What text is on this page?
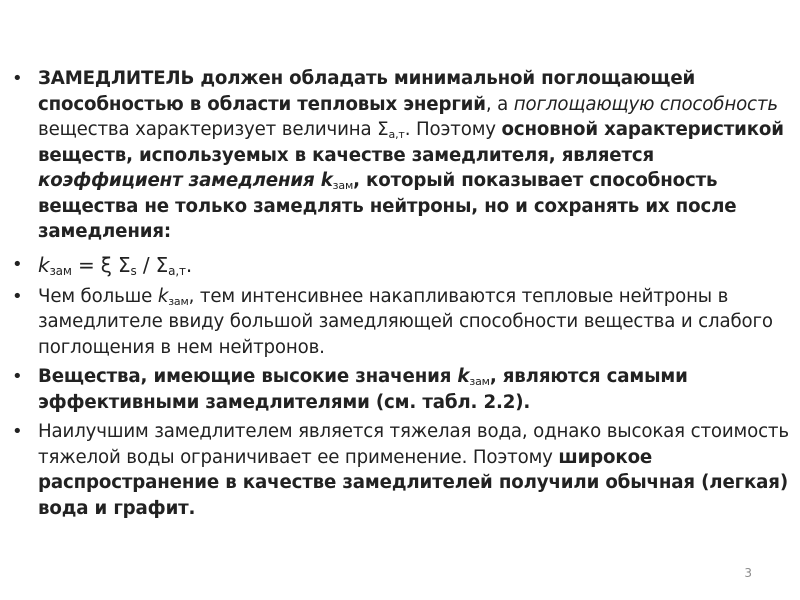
• ЗАМЕДЛИТЕЛЬ должен обладать минимальной поглощающей способностью в области тепловых энергий, а поглощающую способность вещества характеризует величина $\Sigma_{а,т}$. Поэтому основной характеристикой веществ, используемых в качестве замедлителя, является коэффициент замедления $k_{зам}$, который показывает способность вещества не только замедлять нейтроны, но и сохранять их после замедления:
• $k_{зам} = \xi$ $\Sigma_s / \Sigma_{а,т}$.
• Чем больше $k_{зам}$, тем интенсивнее накапливаются тепловые нейтроны в замедлителе ввиду большой замедляющей способности вещества и слабого поглощения в нем нейтронов.
• Вещества, имеющие высокие значения $k_{зам}$, являются самыми эффективными замедлителями (см. табл. 2.2).
• Наилучшим замедлителем является тяжелая вода, однако высокая стоимость тяжелой воды ограничивает ее применение. Поэтому широкое распространение в качестве замедлителей получили обычная (легкая) вода и графит.
3
